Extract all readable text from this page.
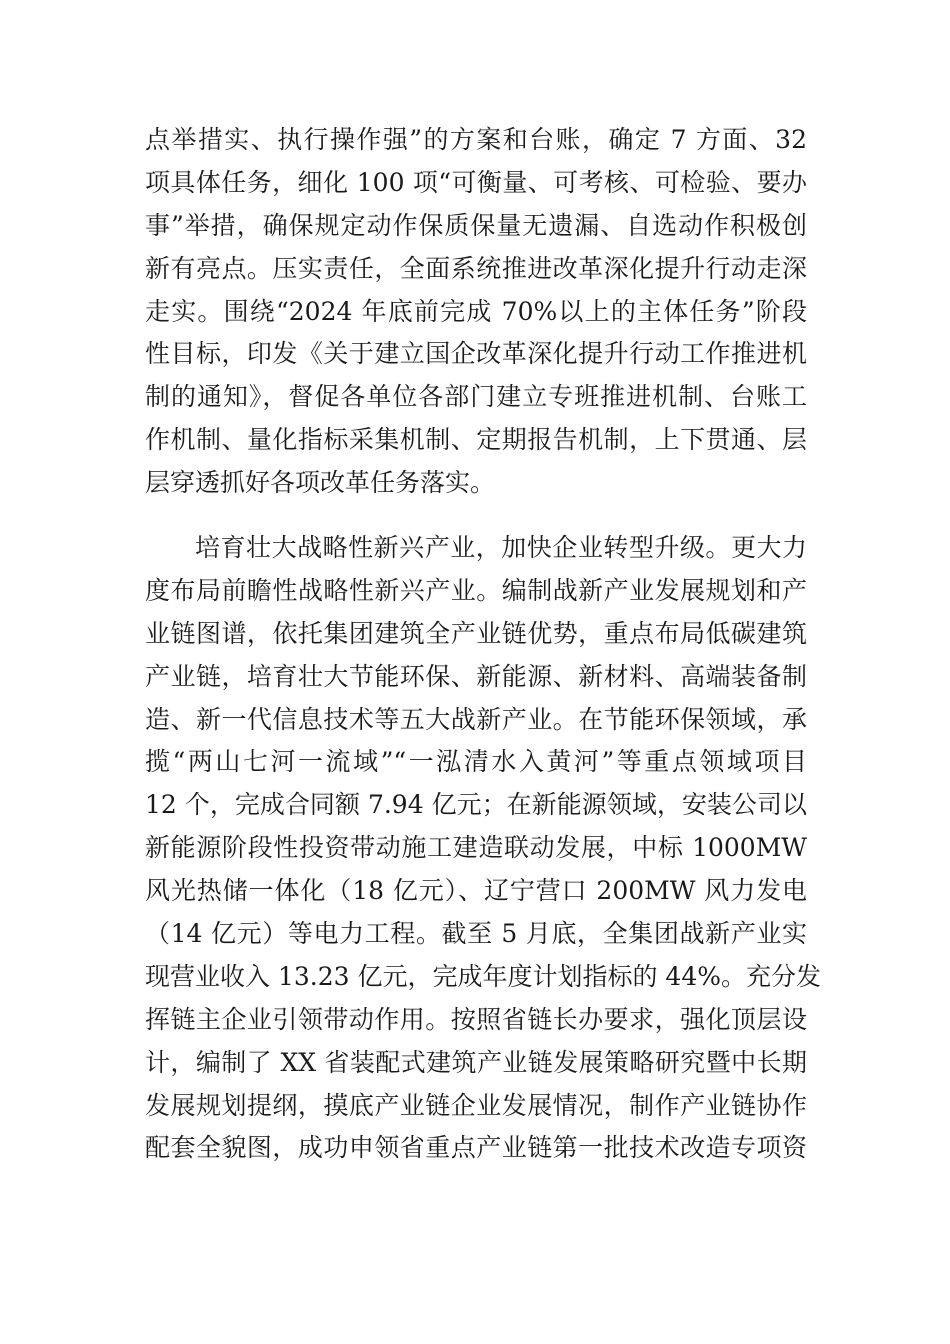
点举措实、执行操作强”的方案和台账，确定 7 方面、32
项具体任务，细化 100 项“可衡量、可考核、可检验、要办
事”举措，确保规定动作保质保量无遗漏、自选动作积极创
新有亮点。压实责任，全面系统推进改革深化提升行动走深
走实。围绕“2024 年底前完成 70%以上的主体任务”阶段
性目标，印发《关于建立国企改革深化提升行动工作推进机
制的通知》，督促各单位各部门建立专班推进机制、台账工
作机制、量化指标采集机制、定期报告机制，上下贯通、层
层穿透抓好各项改革任务落实。
培育壮大战略性新兴产业，加快企业转型升级。更大力
度布局前瞻性战略性新兴产业。编制战新产业发展规划和产
业链图谱，依托集团建筑全产业链优势，重点布局低碳建筑
产业链，培育壮大节能环保、新能源、新材料、高端装备制
造、新一代信息技术等五大战新产业。在节能环保领域，承
揽“两山七河一流域”“一泓清水入黄河”等重点领域项目
12 个，完成合同额 7.94 亿元；在新能源领域，安装公司以
新能源阶段性投资带动施工建造联动发展，中标 1000MW
风光热储一体化（18 亿元）、辽宁营口 200MW 风力发电
（14 亿元）等电力工程。截至 5 月底，全集团战新产业实
现营业收入 13.23 亿元，完成年度计划指标的 44%。充分发
挥链主企业引领带动作用。按照省链长办要求，强化顶层设
计，编制了 XX 省装配式建筑产业链发展策略研究暨中长期
发展规划提纲，摸底产业链企业发展情况，制作产业链协作
配套全貌图，成功申领省重点产业链第一批技术改造专项资
